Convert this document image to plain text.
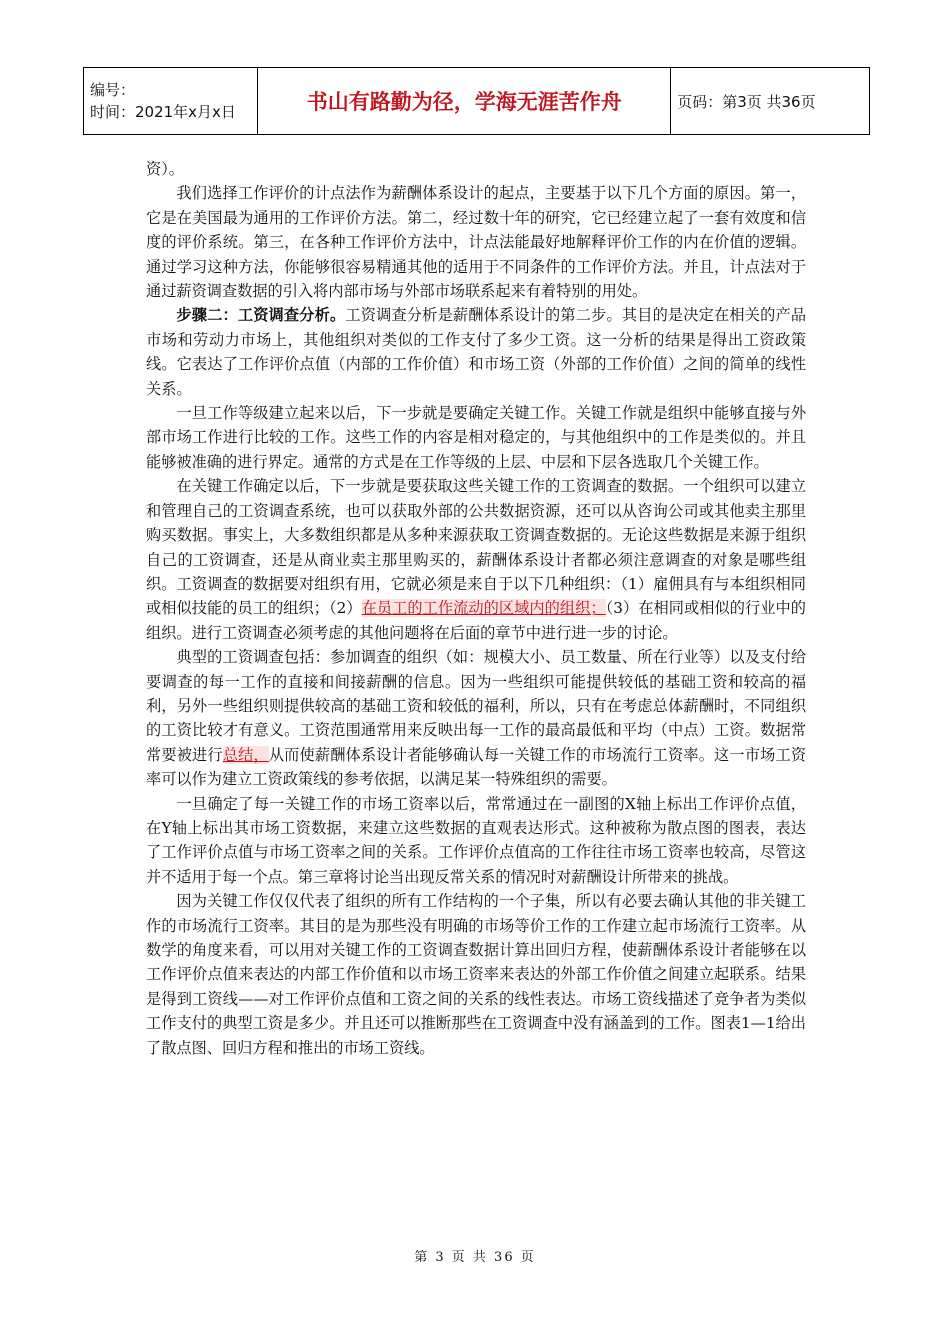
编号：
时间：2021年x月x日	书山有路勤为径，学海无涯苦作舟	页码：第3页 共36页

资）。

我们选择工作评价的计点法作为薪酬体系设计的起点，主要基于以下几个方面的原因。第一，它是在美国最为通用的工作评价方法。第二，经过数十年的研究，它已经建立起了一套有效度和信度的评价系统。第三，在各种工作评价方法中，计点法能最好地解释评价工作的内在价值的逻辑。通过学习这种方法，你能够很容易精通其他的适用于不同条件的工作评价方法。并且，计点法对于通过薪资调查数据的引入将内部市场与外部市场联系起来有着特别的用处。

步骤二：工资调查分析。工资调查分析是薪酬体系设计的第二步。其目的是决定在相关的产品市场和劳动力市场上，其他组织对类似的工作支付了多少工资。这一分析的结果是得出工资政策线。它表达了工作评价点值（内部的工作价值）和市场工资（外部的工作价值）之间的简单的线性关系。

一旦工作等级建立起来以后，下一步就是要确定关键工作。关键工作就是组织中能够直接与外部市场工作进行比较的工作。这些工作的内容是相对稳定的，与其他组织中的工作是类似的。并且能够被准确的进行界定。通常的方式是在工作等级的上层、中层和下层各选取几个关键工作。

在关键工作确定以后，下一步就是要获取这些关键工作的工资调查的数据。一个组织可以建立和管理自己的工资调查系统，也可以获取外部的公共数据资源，还可以从咨询公司或其他卖主那里购买数据。事实上，大多数组织都是从多种来源获取工资调查数据的。无论这些数据是来源于组织自己的工资调查，还是从商业卖主那里购买的，薪酬体系设计者都必须注意调查的对象是哪些组织。工资调查的数据要对组织有用，它就必须是来自于以下几种组织：（1）雇佣具有与本组织相同或相似技能的员工的组织；（2）在员工的工作流动的区域内的组织；（3）在相同或相似的行业中的组织。进行工资调查必须考虑的其他问题将在后面的章节中进行进一步的讨论。

典型的工资调查包括：参加调查的组织（如：规模大小、员工数量、所在行业等）以及支付给要调查的每一工作的直接和间接薪酬的信息。因为一些组织可能提供较低的基础工资和较高的福利，另外一些组织则提供较高的基础工资和较低的福利，所以，只有在考虑总体薪酬时，不同组织的工资比较才有意义。工资范围通常用来反映出每一工作的最高最低和平均（中点）工资。数据常常要被进行总结，从而使薪酬体系设计者能够确认每一关键工作的市场流行工资率。这一市场工资率可以作为建立工资政策线的参考依据，以满足某一特殊组织的需要。

一旦确定了每一关键工作的市场工资率以后，常常通过在一副图的X轴上标出工作评价点值，在Y轴上标出其市场工资数据，来建立这些数据的直观表达形式。这种被称为散点图的图表，表达了工作评价点值与市场工资率之间的关系。工作评价点值高的工作往往市场工资率也较高，尽管这并不适用于每一个点。第三章将讨论当出现反常关系的情况时对薪酬设计所带来的挑战。

因为关键工作仅仅代表了组织的所有工作结构的一个子集，所以有必要去确认其他的非关键工作的市场流行工资率。其目的是为那些没有明确的市场等价工作的工作建立起市场流行工资率。从数学的角度来看，可以用对关键工作的工资调查数据计算出回归方程，使薪酬体系设计者能够在以工作评价点值来表达的内部工作价值和以市场工资率来表达的外部工作价值之间建立起联系。结果是得到工资线——对工作评价点值和工资之间的关系的线性表达。市场工资线描述了竞争者为类似工作支付的典型工资是多少。并且还可以推断那些在工资调查中没有涵盖到的工作。图表1—1给出了散点图、回归方程和推出的市场工资线。

第 3 页 共 36 页
